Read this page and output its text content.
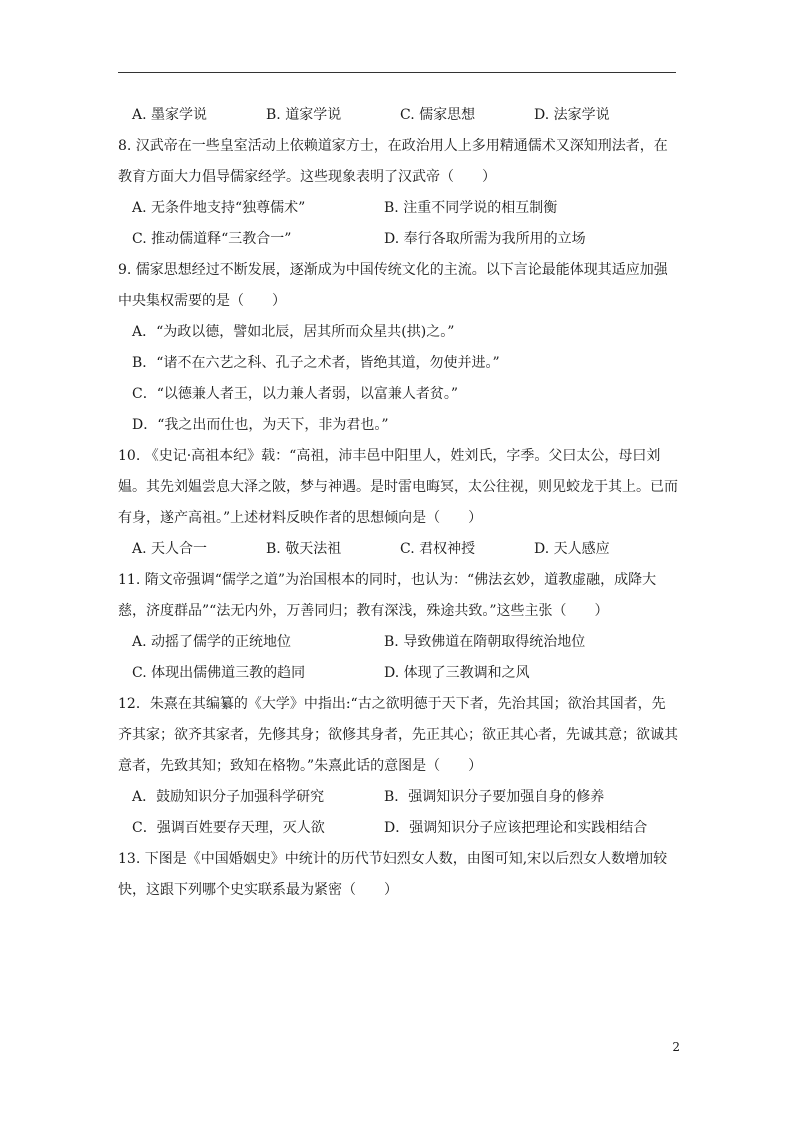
A. 墨家学说	B. 道家学说	C. 儒家思想	D. 法家学说
8. 汉武帝在一些皇室活动上依赖道家方士，在政治用人上多用精通儒术又深知刑法者，在
教育方面大力倡导儒家经学。这些现象表明了汉武帝（　　）
A. 无条件地支持“独尊儒术”	B. 注重不同学说的相互制衡
C. 推动儒道释“三教合一”	D. 奉行各取所需为我所用的立场
9. 儒家思想经过不断发展，逐渐成为中国传统文化的主流。以下言论最能体现其适应加强
中央集权需要的是（　　）
A．“为政以德，譬如北辰，居其所而众星共(拱)之。”
B．“诸不在六艺之科、孔子之术者，皆绝其道，勿使并进。”
C．“以德兼人者王，以力兼人者弱，以富兼人者贫。”
D．“我之出而仕也，为天下，非为君也。”
10. 《史记·高祖本纪》载：“高祖，沛丰邑中阳里人，姓刘氏，字季。父曰太公，母曰刘
媪。其先刘媪尝息大泽之陂，梦与神遇。是时雷电晦冥，太公往视，则见蛟龙于其上。已而
有身，遂产高祖。”上述材料反映作者的思想倾向是（　　）
A. 天人合一	B. 敬天法祖	C. 君权神授	D. 天人感应
11. 隋文帝强调“儒学之道”为治国根本的同时，也认为：“佛法玄妙，道教虚融，成降大
慈，济度群品”“法无内外，万善同归；教有深浅，殊途共致。”这些主张（　　）
A. 动摇了儒学的正统地位	B. 导致佛道在隋朝取得统治地位
C. 体现出儒佛道三教的趋同	D. 体现了三教调和之风
12．朱熹在其编纂的《大学》中指出:“古之欲明德于天下者，先治其国；欲治其国者，先
齐其家；欲齐其家者，先修其身；欲修其身者，先正其心；欲正其心者，先诚其意；欲诚其
意者，先致其知；致知在格物。”朱熹此话的意图是（　　）
A．鼓励知识分子加强科学研究	B．强调知识分子要加强自身的修养
C．强调百姓要存天理，灭人欲	D．强调知识分子应该把理论和实践相结合
13. 下图是《中国婚姻史》中统计的历代节妇烈女人数，由图可知,宋以后烈女人数增加较
快，这跟下列哪个史实联系最为紧密（　　）
2
